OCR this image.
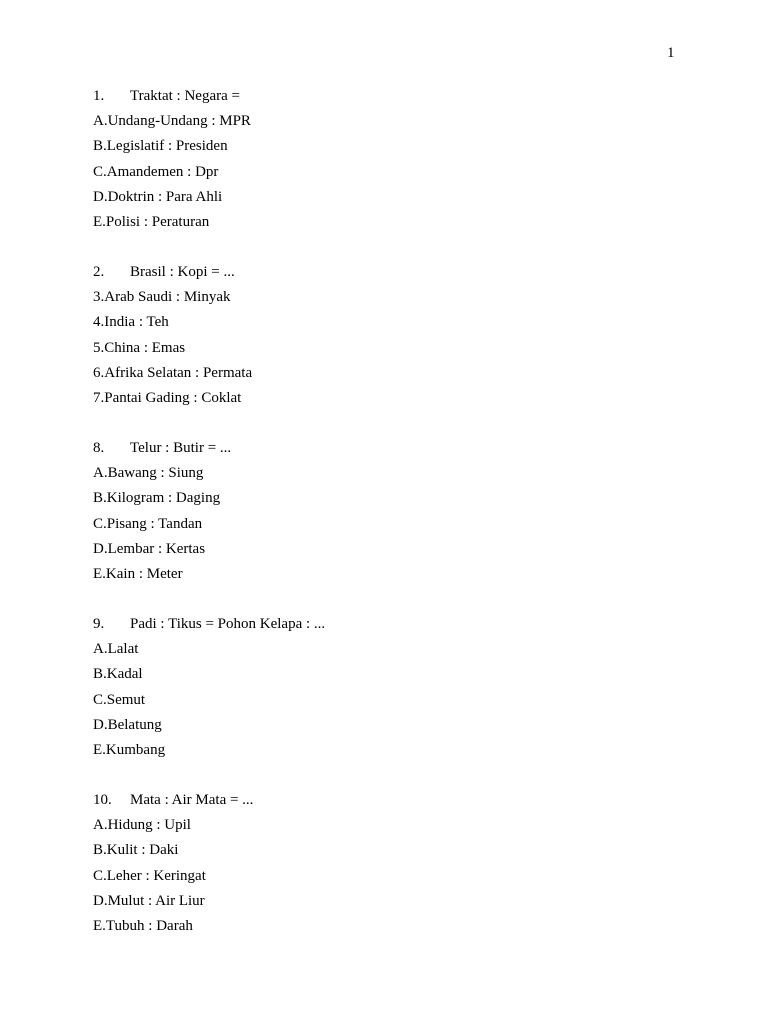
1
1. Traktat : Negara =
A.Undang-Undang : MPR
B.Legislatif : Presiden
C.Amandemen : Dpr
D.Doktrin : Para Ahli
E.Polisi : Peraturan
2. Brasil : Kopi = ...
3.Arab Saudi : Minyak
4.India : Teh
5.China : Emas
6.Afrika Selatan : Permata
7.Pantai Gading : Coklat
8. Telur : Butir = ...
A.Bawang : Siung
B.Kilogram : Daging
C.Pisang : Tandan
D.Lembar : Kertas
E.Kain : Meter
9. Padi : Tikus = Pohon Kelapa : ...
A.Lalat
B.Kadal
C.Semut
D.Belatung
E.Kumbang
10. Mata : Air Mata = ...
A.Hidung : Upil
B.Kulit : Daki
C.Leher : Keringat
D.Mulut : Air Liur
E.Tubuh : Darah
